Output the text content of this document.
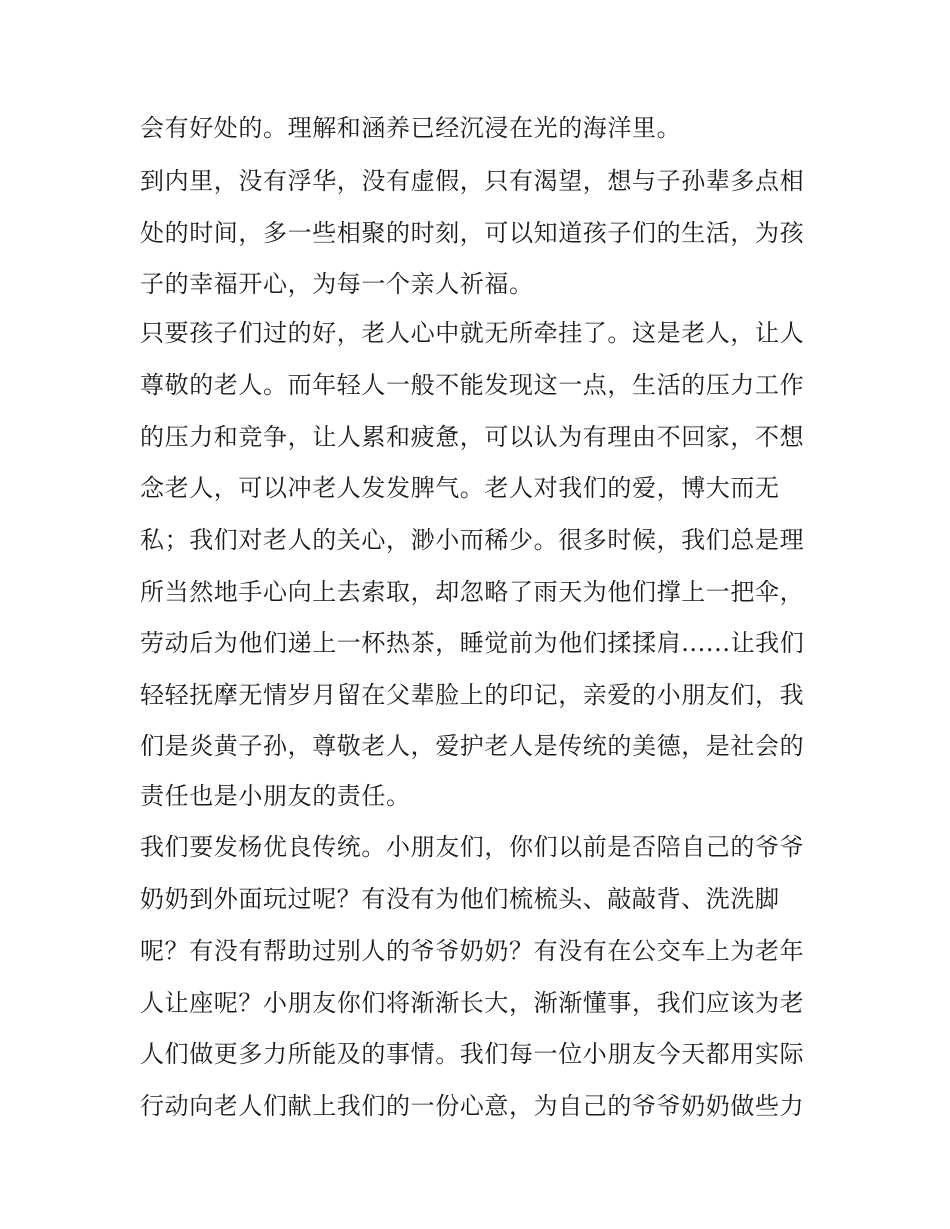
会有好处的。理解和涵养已经沉浸在光的海洋里。
到内里，没有浮华，没有虚假，只有渴望，想与子孙辈多点相
处的时间，多一些相聚的时刻，可以知道孩子们的生活，为孩
子的幸福开心，为每一个亲人祈福。
只要孩子们过的好，老人心中就无所牵挂了。这是老人，让人
尊敬的老人。而年轻人一般不能发现这一点，生活的压力工作
的压力和竞争，让人累和疲惫，可以认为有理由不回家，不想
念老人，可以冲老人发发脾气。老人对我们的爱，博大而无
私；我们对老人的关心，渺小而稀少。很多时候，我们总是理
所当然地手心向上去索取，却忽略了雨天为他们撑上一把伞，
劳动后为他们递上一杯热茶，睡觉前为他们揉揉肩......让我们
轻轻抚摩无情岁月留在父辈脸上的印记，亲爱的小朋友们，我
们是炎黄子孙，尊敬老人，爱护老人是传统的美德，是社会的
责任也是小朋友的责任。
我们要发杨优良传统。小朋友们，你们以前是否陪自己的爷爷
奶奶到外面玩过呢？有没有为他们梳梳头、敲敲背、洗洗脚
呢？有没有帮助过别人的爷爷奶奶？有没有在公交车上为老年
人让座呢？小朋友你们将渐渐长大，渐渐懂事，我们应该为老
人们做更多力所能及的事情。我们每一位小朋友今天都用实际
行动向老人们献上我们的一份心意，为自己的爷爷奶奶做些力
